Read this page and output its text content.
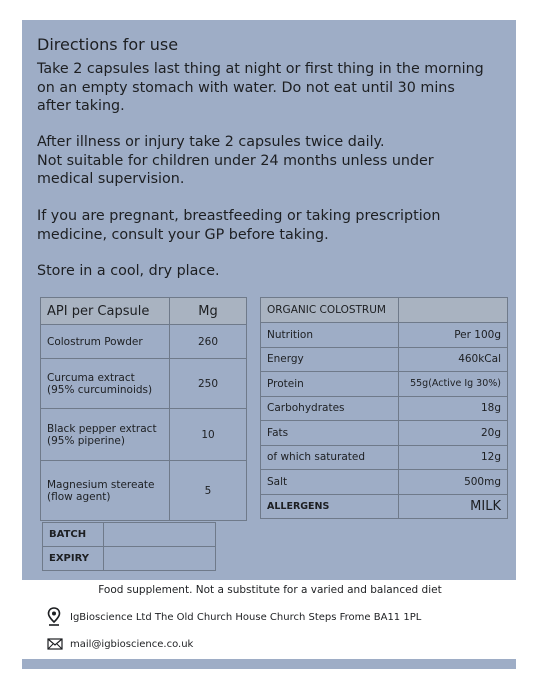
Directions for use
Take 2 capsules last thing at night or first thing in the morning
on an empty stomach with water. Do not eat until 30 mins
after taking.
After illness or injury take 2 capsules twice daily.
Not suitable for children under 24 months unless under
medical supervision.
If you are pregnant, breastfeeding or taking prescription
medicine, consult your GP before taking.
Store in a cool, dry place.
API per Capsule	Mg

Colostrum Powder	260

Curcuma extract
(95% curcuminoids)	250

Black pepper extract
(95% piperine)	10

Magnesium stereate
(flow agent)	5
ORGANIC COLOSTRUM	
Nutrition	Per 100g
Energy	460kCal
Protein	55g(Active Ig 30%)
Carbohydrates	18g
Fats	20g
of which saturated	12g
Salt	500mg
ALLERGENS	MILK
BATCH	
EXPIRY	
Food supplement. Not a substitute for a varied and balanced diet
IgBioscience Ltd The Old Church House Church Steps Frome BA11 1PL
mail@igbioscience.co.uk
